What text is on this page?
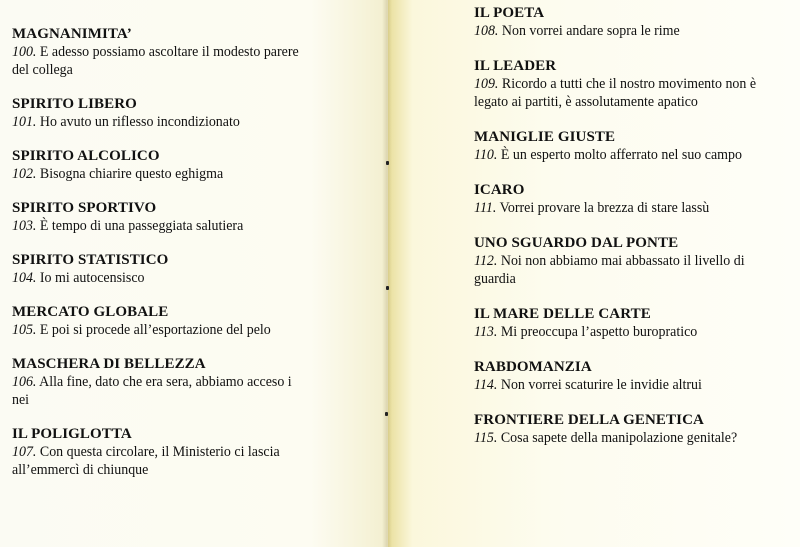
MAGNANIMITA’
100. E adesso possiamo ascoltare il modesto parere del collega
SPIRITO LIBERO
101. Ho avuto un riflesso incondizionato
SPIRITO ALCOLICO
102. Bisogna chiarire questo eghigma
SPIRITO SPORTIVO
103. È tempo di una passeggiata salutiera
SPIRITO STATISTICO
104. Io mi autocensisco
MERCATO GLOBALE
105. E poi si procede all’esportazione del pelo
MASCHERA DI BELLEZZA
106. Alla fine, dato che era sera, abbiamo acceso i nei
IL POLIGLOTTA
107. Con questa circolare, il Ministerio ci lascia all’emmercì di chiunque
IL POETA
108. Non vorrei andare sopra le rime
IL LEADER
109. Ricordo a tutti che il nostro movimento non è legato ai partiti, è assolutamente apatico
MANIGLIE GIUSTE
110. È un esperto molto afferrato nel suo campo
ICARO
111. Vorrei provare la brezza di stare lassù
UNO SGUARDO DAL PONTE
112. Noi non abbiamo mai abbassato il livello di guardia
IL MARE DELLE CARTE
113. Mi preoccupa l’aspetto buropratico
RABDOMANZIA
114. Non vorrei scaturire le invidie altrui
FRONTIERE DELLA GENETICA
115. Cosa sapete della manipolazione genitale?
